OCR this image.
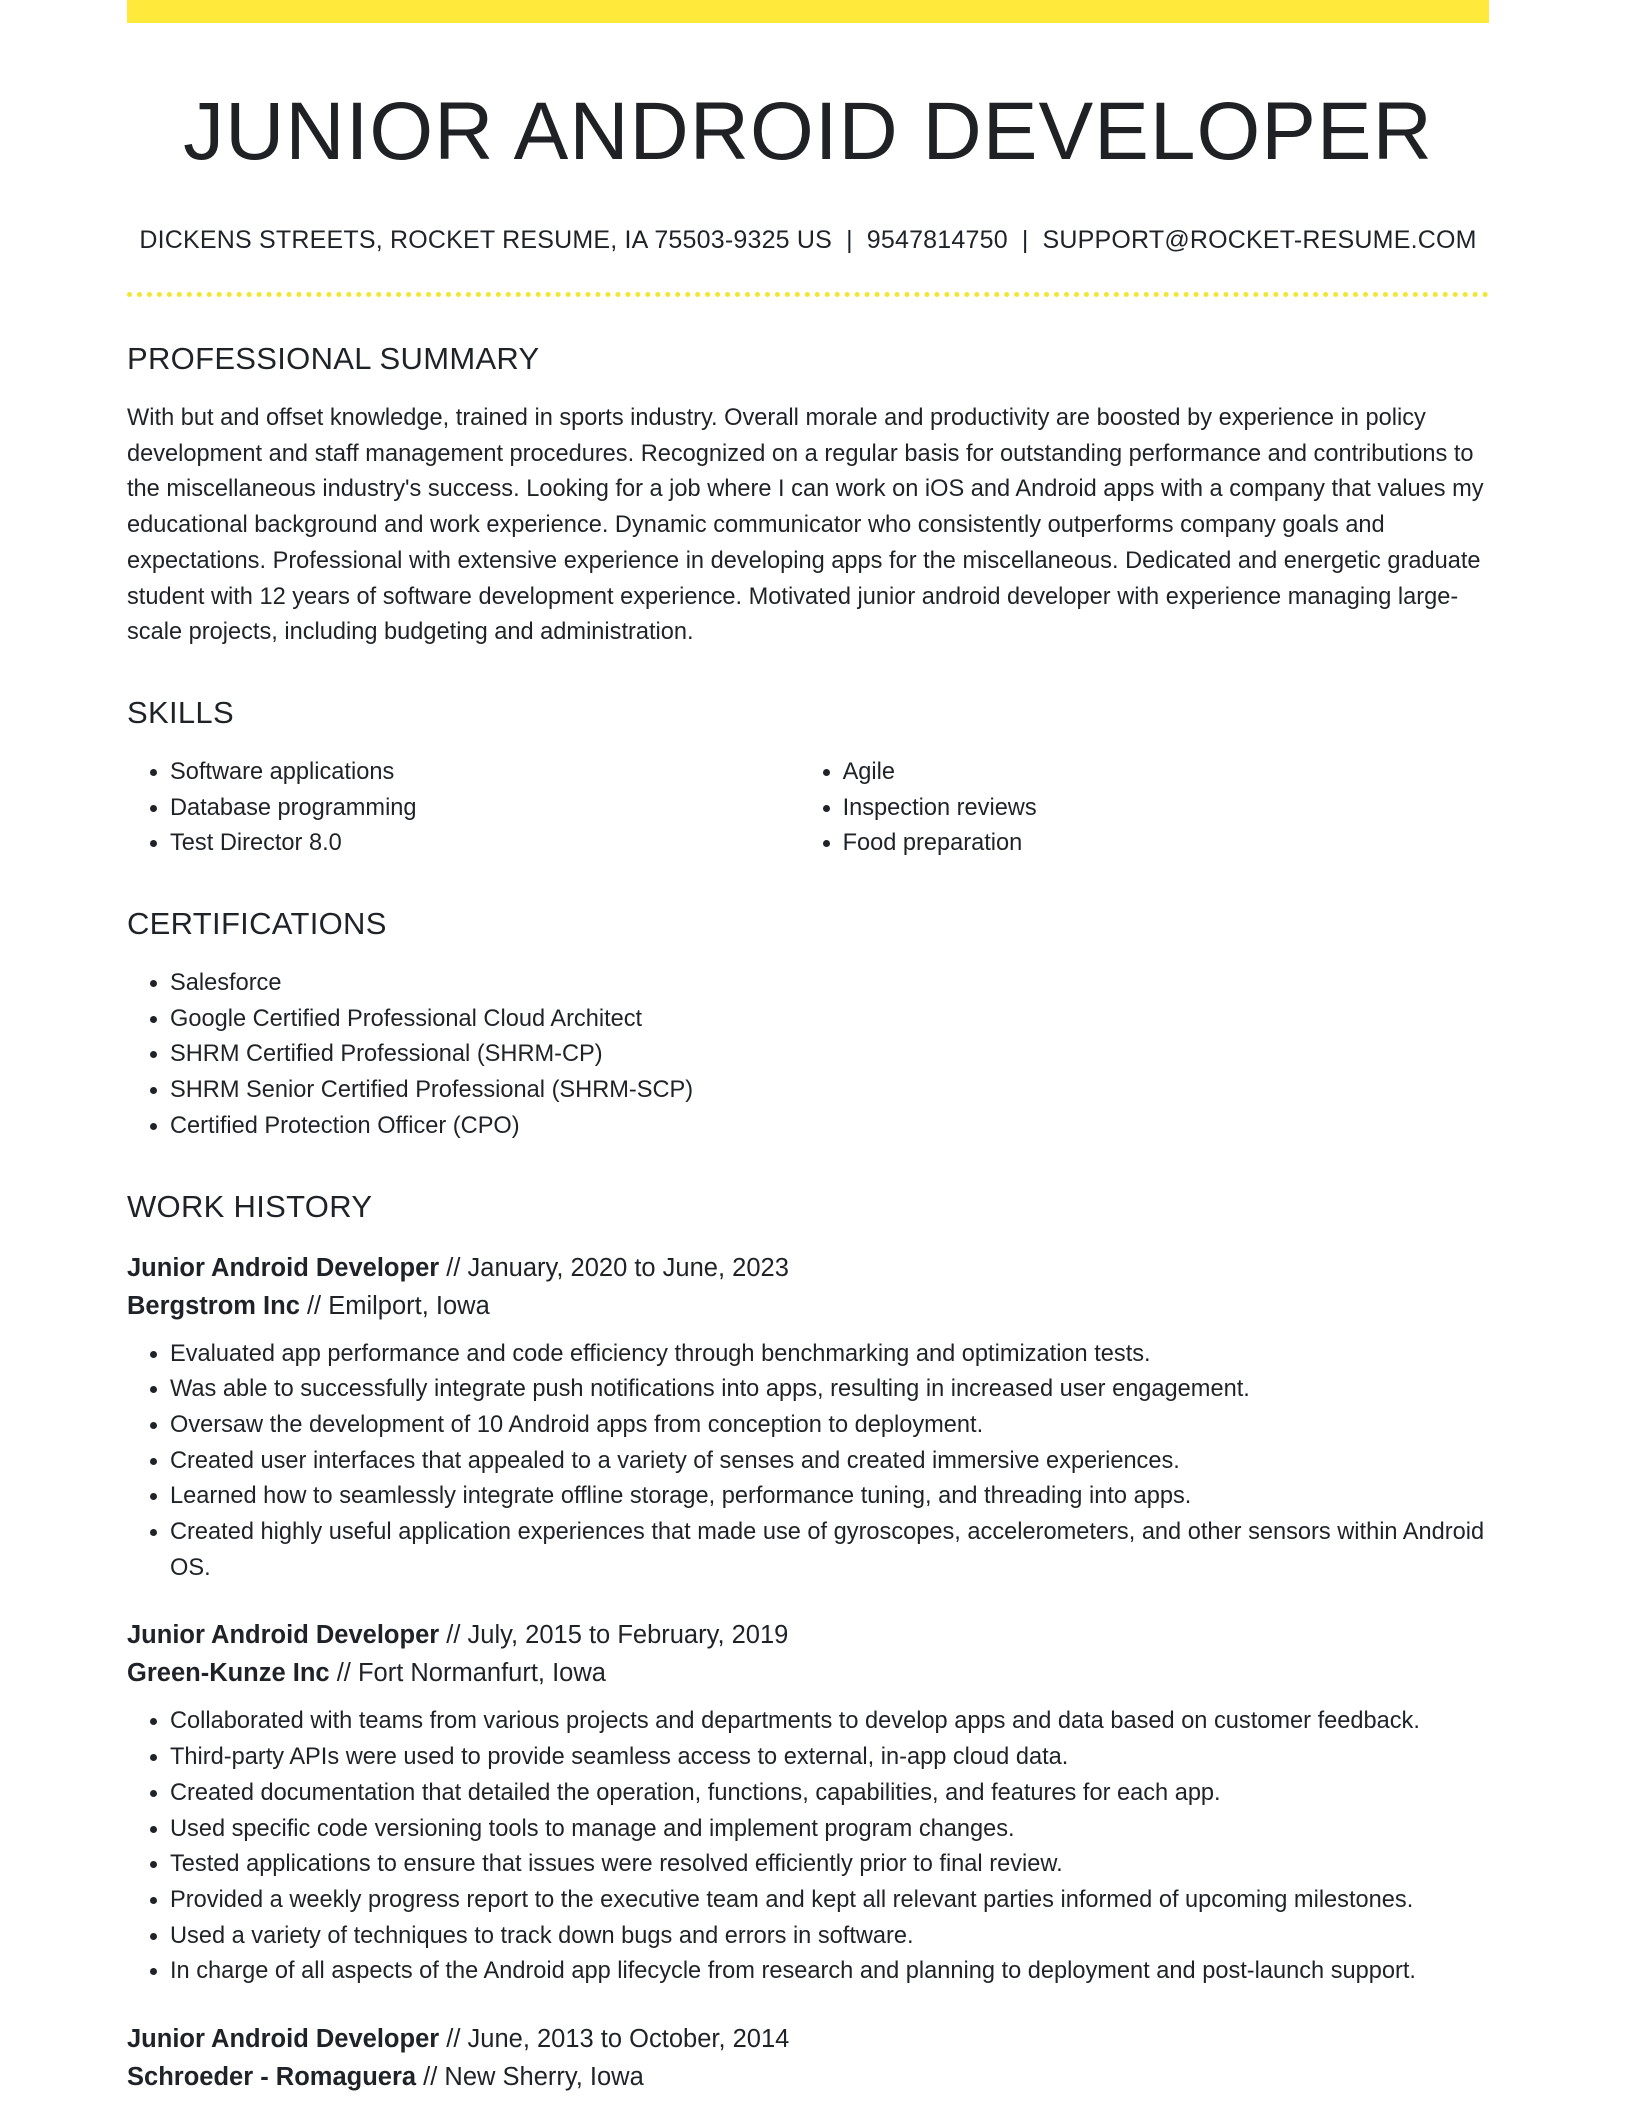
JUNIOR ANDROID DEVELOPER
DICKENS STREETS, ROCKET RESUME, IA 75503-9325 US | 9547814750 | SUPPORT@ROCKET-RESUME.COM
PROFESSIONAL SUMMARY
With but and offset knowledge, trained in sports industry. Overall morale and productivity are boosted by experience in policy development and staff management procedures. Recognized on a regular basis for outstanding performance and contributions to the miscellaneous industry's success. Looking for a job where I can work on iOS and Android apps with a company that values my educational background and work experience. Dynamic communicator who consistently outperforms company goals and expectations. Professional with extensive experience in developing apps for the miscellaneous. Dedicated and energetic graduate student with 12 years of software development experience. Motivated junior android developer with experience managing large-scale projects, including budgeting and administration.
SKILLS
• Software applications
• Database programming
• Test Director 8.0
• Agile
• Inspection reviews
• Food preparation
CERTIFICATIONS
• Salesforce
• Google Certified Professional Cloud Architect
• SHRM Certified Professional (SHRM-CP)
• SHRM Senior Certified Professional (SHRM-SCP)
• Certified Protection Officer (CPO)
WORK HISTORY
Junior Android Developer // January, 2020 to June, 2023
Bergstrom Inc // Emilport, Iowa
• Evaluated app performance and code efficiency through benchmarking and optimization tests.
• Was able to successfully integrate push notifications into apps, resulting in increased user engagement.
• Oversaw the development of 10 Android apps from conception to deployment.
• Created user interfaces that appealed to a variety of senses and created immersive experiences.
• Learned how to seamlessly integrate offline storage, performance tuning, and threading into apps.
• Created highly useful application experiences that made use of gyroscopes, accelerometers, and other sensors within Android OS.
Junior Android Developer // July, 2015 to February, 2019
Green-Kunze Inc // Fort Normanfurt, Iowa
• Collaborated with teams from various projects and departments to develop apps and data based on customer feedback.
• Third-party APIs were used to provide seamless access to external, in-app cloud data.
• Created documentation that detailed the operation, functions, capabilities, and features for each app.
• Used specific code versioning tools to manage and implement program changes.
• Tested applications to ensure that issues were resolved efficiently prior to final review.
• Provided a weekly progress report to the executive team and kept all relevant parties informed of upcoming milestones.
• Used a variety of techniques to track down bugs and errors in software.
• In charge of all aspects of the Android app lifecycle from research and planning to deployment and post-launch support.
Junior Android Developer // June, 2013 to October, 2014
Schroeder - Romaguera // New Sherry, Iowa
